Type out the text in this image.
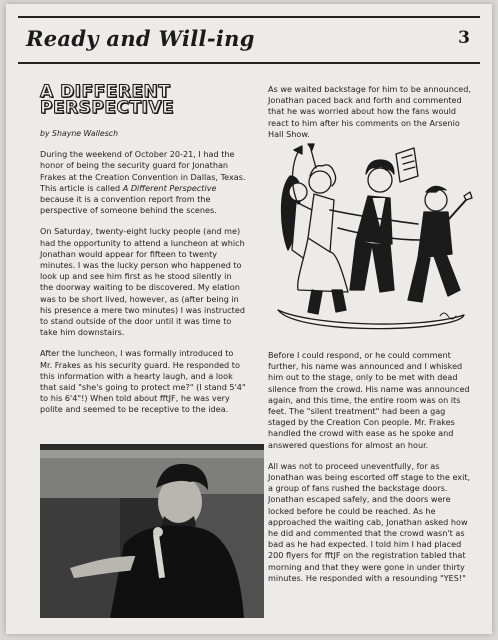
Ready and Will-ing	3
A DIFFERENT PERSPECTIVE
by Shayne Wallesch

During the weekend of October 20-21, I had the honor of being the security guard for Jonathan Frakes at the Creation Convention in Dallas, Texas. This article is called A Different Perspective because it is a convention report from the perspective of someone behind the scenes.

On Saturday, twenty-eight lucky people (and me) had the opportunity to attend a luncheon at which Jonathan would appear for fifteen to twenty minutes. I was the lucky person who happened to look up and see him first as he stood silently in the doorway waiting to be discovered. My elation was to be short lived, however, as (after being in his presence a mere two minutes) I was instructed to stand outside of the door until it was time to take him downstairs.

After the luncheon, I was formally introduced to Mr. Frakes as his security guard. He responded to this information with a hearty laugh, and a look that said "she's going to protect me?" (I stand 5'4" to his 6'4"!) When told about fftJF, he was very polite and seemed to be receptive to the idea.

As we waited backstage for him to be announced, Jonathan paced back and forth and commented that he was worried about how the fans would react to him after his comments on the Arsenio Hall Show.

Before I could respond, or he could comment further, his name was announced and I whisked him out to the stage, only to be met with dead silence from the crowd. His name was announced again, and this time, the entire room was on its feet. The "silent treatment" had been a gag staged by the Creation Con people. Mr. Frakes handled the crowd with ease as he spoke and answered questions for almost an hour.

All was not to proceed uneventfully, for as Jonathan was being escorted off stage to the exit, a group of fans rushed the backstage doors. Jonathan escaped safely, and the doors were locked before he could be reached. As he approached the waiting cab, Jonathan asked how he did and commented that the crowd wasn't as bad as he had expected. I told him I had placed 200 flyers for fftJF on the registration tabled that morning and that they were gone in under thirty minutes. He responded with a resounding "YES!"
